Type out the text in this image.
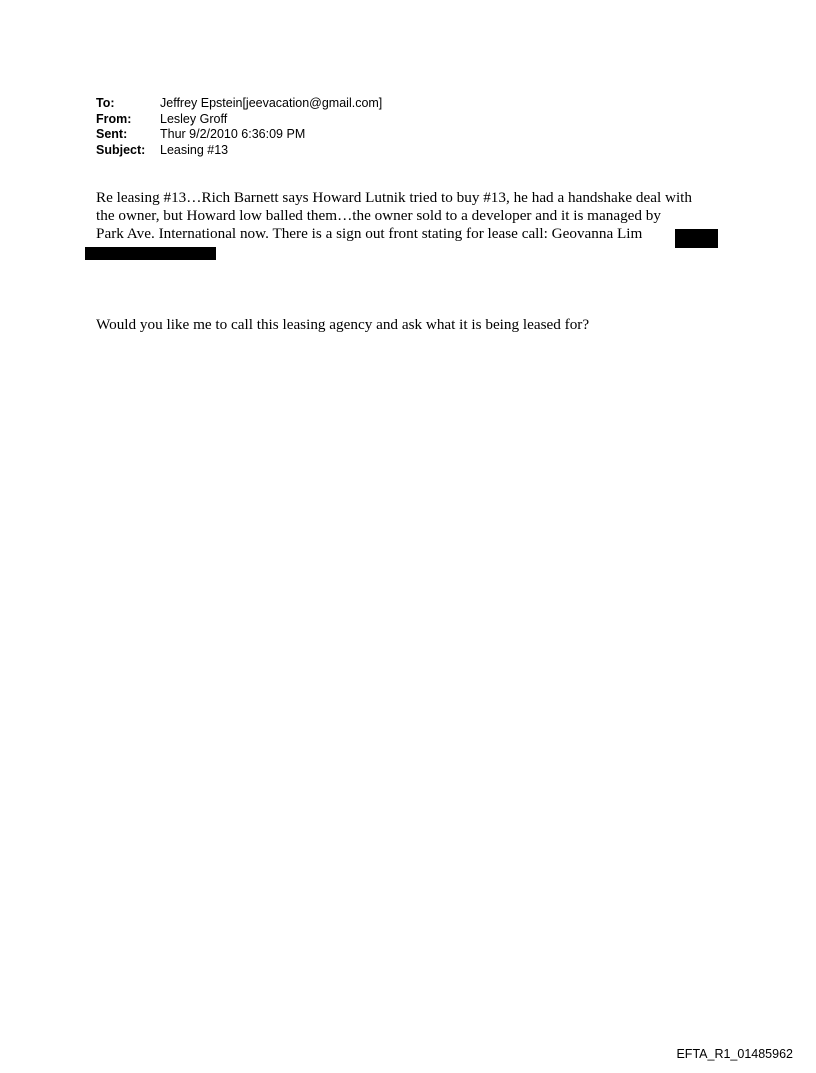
To:	Jeffrey Epstein[jeevacation@gmail.com]
From:	Lesley Groff
Sent:	Thur 9/2/2010 6:36:09 PM
Subject:	Leasing #13
Re leasing #13…Rich Barnett says Howard Lutnik tried to buy #13, he had a handshake deal with
the owner, but Howard low balled them…the owner sold to a developer and it is managed by
Park Ave. International now. There is a sign out front stating for lease call: Geovanna Lim
Would you like me to call this leasing agency and ask what it is being leased for?
EFTA_R1_01485962
